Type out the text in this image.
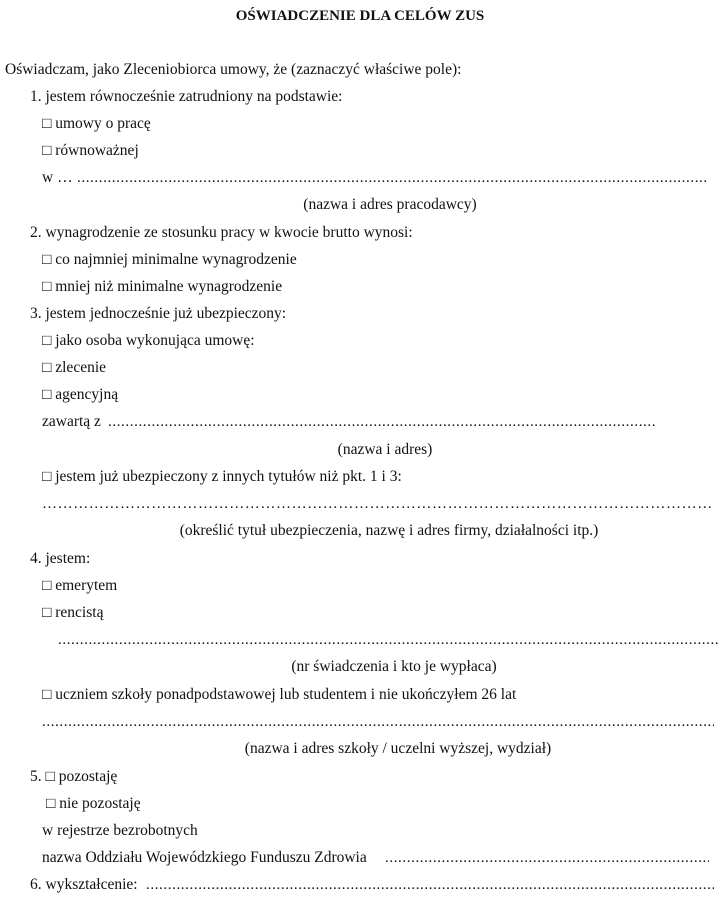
OŚWIADCZENIE DLA CELÓW ZUS
Oświadczam, jako Zleceniobiorca umowy, że (zaznaczyć właściwe pole):
1. jestem równocześnie zatrudniony na podstawie:
□ umowy o pracę
□ równoważnej
w …
.....
(nazwa i adres pracodawcy)
2. wynagrodzenie ze stosunku pracy w kwocie brutto wynosi:
□ co najmniej minimalne wynagrodzenie
□ mniej niż minimalne wynagrodzenie
3. jestem jednocześnie już ubezpieczony:
□ jako osoba wykonująca umowę:
□ zlecenie
□ agencyjną
zawartą z
.....
(nazwa i adres)
□ jestem już ubezpieczony z innych tytułów niż pkt. 1 i 3:
……………………………………………………………………………………………………………………………………………………………………………………………………………………………
(określić tytuł ubezpieczenia, nazwę i adres firmy, działalności itp.)
4. jestem:
□ emerytem
□ rencistą
.....
(nr świadczenia i kto je wypłaca)
□ uczniem szkoły ponadpodstawowej lub studentem i nie ukończyłem 26 lat
.....
(nazwa i adres szkoły / uczelni wyższej, wydział)
5. □ pozostaję
□ nie pozostaję
w rejestrze bezrobotnych
nazwa Oddziału Wojewódzkiego Funduszu Zdrowia
.....
6. wykształcenie:
.....
